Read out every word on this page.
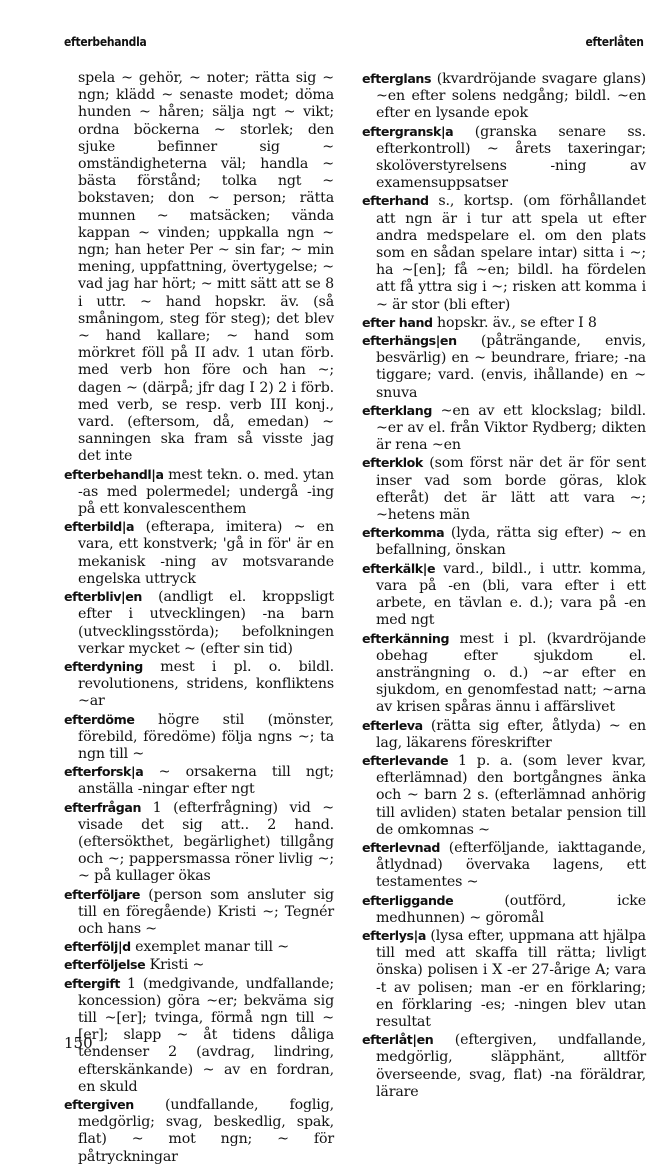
efterbehandla	efterlåten

spela ~ gehör, ~ noter; rätta sig ~ ngn; klädd ~ senaste modet; döma hunden ~ håren; sälja ngt ~ vikt; ordna böckerna ~ storlek; den sjuke befinner sig ~ omständigheterna väl; handla ~ bästa förstånd; tolka ngt ~ bokstaven; don ~ person; rätta munnen ~ matsäcken; vända kappan ~ vinden; uppkalla ngn ~ ngn; han heter Per ~ sin far; ~ min mening, uppfattning, övertygelse; ~ vad jag har hört; ~ mitt sätt att se 8 i uttr. ~ hand hopskr. äv. (så småningom, steg för steg); det blev ~ hand kallare; ~ hand som mörkret föll på II adv. 1 utan förb. med verb hon före och han ~; dagen ~ (därpå; jfr dag I 2) 2 i förb. med verb, se resp. verb III konj., vard. (eftersom, då, emedan) ~ sanningen ska fram så visste jag det inte

efterbehandl|a mest tekn. o. med. ytan -as med polermedel; undergå -ing på ett konvalescenthem

efterbild|a (efterapa, imitera) ~ en vara, ett konstverk; 'gå in för' är en mekanisk -ning av motsvarande engelska uttryck

efterbliv|en (andligt el. kroppsligt efter i utvecklingen) -na barn (utvecklingsstörda); befolkningen verkar mycket ~ (efter sin tid)

efterdyning mest i pl. o. bildl. revolutionens, stridens, konfliktens ~ar

efterdöme högre stil (mönster, förebild, föredöme) följa ngns ~; ta ngn till ~

efterforsk|a ~ orsakerna till ngt; anställa -ningar efter ngt

efterfrågan 1 (efterfrågning) vid ~ visade det sig att.. 2 hand. (eftersökthet, begärlighet) tillgång och ~; pappersmassa röner livlig ~; ~ på kullager ökas

efterföljare (person som ansluter sig till en föregående) Kristi ~; Tegnér och hans ~

efterfölj|d exemplet manar till ~

efterföljelse Kristi ~

eftergift 1 (medgivande, undfallande; koncession) göra ~er; bekväma sig till ~[er]; tvinga, förmå ngn till ~[er]; slapp ~ åt tidens dåliga tendenser 2 (avdrag, lindring, efterskänkande) ~ av en fordran, en skuld

eftergiven (undfallande, foglig, medgörlig; svag, beskedlig, spak, flat) ~ mot ngn; ~ för påtryckningar

efterglans (kvardröjande svagare glans) ~en efter solens nedgång; bildl. ~en efter en lysande epok

eftergransk|a (granska senare ss. efterkontroll) ~ årets taxeringar; skolöverstyrelsens -ning av examensuppsatser

efterhand s., kortsp. (om förhållandet att ngn är i tur att spela ut efter andra medspelare el. om den plats som en sådan spelare intar) sitta i ~; ha ~[en]; få ~en; bildl. ha fördelen att få yttra sig i ~; risken att komma i ~ är stor (bli efter)

efter hand hopskr. äv., se efter I 8

efterhängs|en (påträngande, envis, besvärlig) en ~ beundrare, friare; -na tiggare; vard. (envis, ihållande) en ~ snuva

efterklang ~en av ett klockslag; bildl. ~er av el. från Viktor Rydberg; dikten är rena ~en

efterklok (som först när det är för sent inser vad som borde göras, klok efteråt) det är lätt att vara ~; ~hetens män

efterkomma (lyda, rätta sig efter) ~ en befallning, önskan

efterkälk|e vard., bildl., i uttr. komma, vara på -en (bli, vara efter i ett arbete, en tävlan e. d.); vara på -en med ngt

efterkänning mest i pl. (kvardröjande obehag efter sjukdom el. ansträngning o. d.) ~ar efter en sjukdom, en genomfestad natt; ~arna av krisen spåras ännu i affärslivet

efterleva (rätta sig efter, åtlyda) ~ en lag, läkarens föreskrifter

efterlevande 1 p. a. (som lever kvar, efterlämnad) den bortgångnes änka och ~ barn 2 s. (efterlämnad anhörig till avliden) staten betalar pension till de omkomnas ~

efterlevnad (efterföljande, iakttagande, åtlydnad) övervaka lagens, ett testamentes ~

efterliggande	(outförd, icke medhunnen) ~ göromål

efterlys|a (lysa efter, uppmana att hjälpa till med att skaffa till rätta; livligt önska) polisen i X -er 27-årige A; vara -t av polisen; man -er en förklaring; en förklaring -es; -ningen blev utan resultat

efterlåt|en (eftergiven, undfallande, medgörlig, släpphänt, alltför överseende, svag, flat) -na föräldrar, lärare

150
